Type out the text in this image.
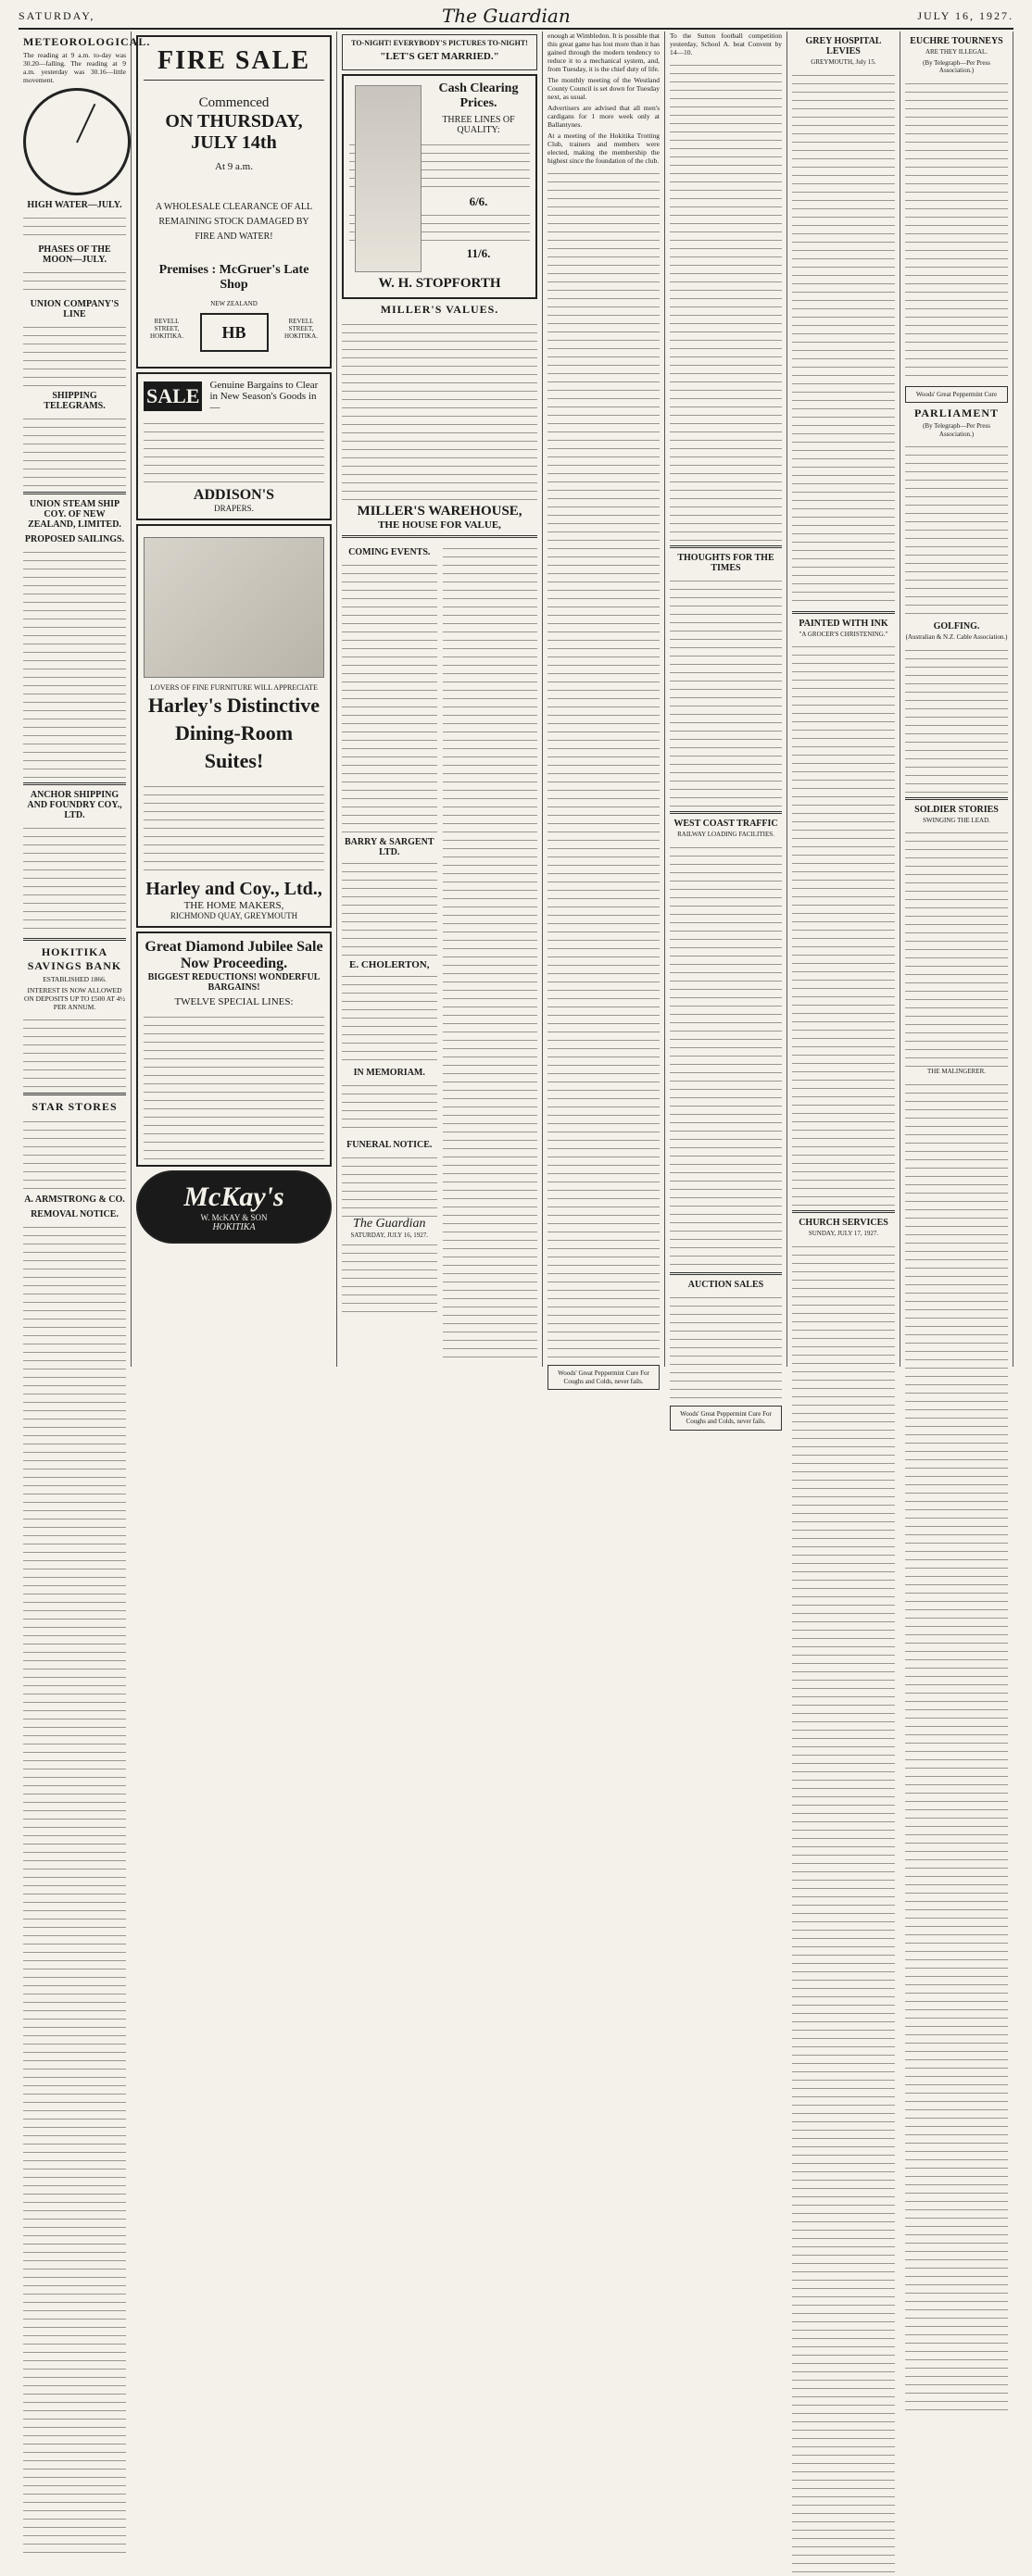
SATURDAY,	The Guardian	JULY 16, 1927.
METEOROLOGICAL.

The reading at 9 a.m. to-day was 30.20—falling. The reading at 9 a.m. yesterday was 30.16—little movement.

HIGH WATER—JULY.
PHASES OF THE MOON—JULY.
UNION COMPANY'S LINE
SHIPPING TELEGRAMS.
UNION STEAM SHIP COY. OF NEW ZEALAND, LIMITED.
PROPOSED SAILINGS.
ANCHOR SHIPPING AND FOUNDRY COY., LTD.
HOKITIKA SAVINGS BANK

ESTABLISHED 1866.

INTEREST IS NOW ALLOWED ON DEPOSITS UP TO £500 AT 4½ PER ANNUM.

STAR STORES
A. ARMSTRONG & CO.
REMOVAL NOTICE.
FIRE SALE
Commenced
ON THURSDAY, JULY 14th
At 9 a.m.
A WHOLESALE CLEARANCE OF ALL REMAINING STOCK DAMAGED BY FIRE AND WATER!
Premises : McGruer's Late Shop
REVELL STREET, HOKITIKA.
NEW ZEALAND
HB
REVELL STREET, HOKITIKA.
SALE Genuine Bargains to Clear in New Season's Goods in—
ADDISON'S
DRAPERS.
LOVERS OF FINE FURNITURE WILL APPRECIATE
Harley's Distinctive Dining-Room Suites!
Harley and Coy., Ltd.,
THE HOME MAKERS,
RICHMOND QUAY, GREYMOUTH
Great Diamond Jubilee Sale Now Proceeding.
BIGGEST REDUCTIONS! WONDERFUL BARGAINS!
TWELVE SPECIAL LINES:
McKay's
W. McKAY & SON
HOKITIKA
TO-NIGHT! EVERYBODY'S PICTURES TO-NIGHT!
"LET'S GET MARRIED."
Cash Clearing Prices.
THREE LINES OF QUALITY:
6/6.
11/6.
W. H. STOPFORTH
MILLER'S VALUES.
MILLER'S WAREHOUSE,
THE HOUSE FOR VALUE,
COMING EVENTS.
BARRY & SARGENT LTD.
E. CHOLERTON,
IN MEMORIAM.
FUNERAL NOTICE.
The Guardian
SATURDAY, JULY 16, 1927.

enough at Wimbledon. It is possible that this great game has lost more than it has gained through the modern tendency to reduce it to a mechanical system, and, from Tuesday, it is the chief duty of life.

The monthly meeting of the Westland County Council is set down for Tuesday next, as usual.

Advertisers are advised that all men's cardigans for 1 more week only at Ballantynes.

At a meeting of the Hokitika Trotting Club, trainers and members were elected, making the membership the highest since the foundation of the club.

Woods' Great Peppermint Cure For Coughs and Colds, never fails.

To the Sutton football competition yesterday, School A. beat Convent by 14—10.

THOUGHTS FOR THE TIMES
WEST COAST TRAFFIC

RAILWAY LOADING FACILITIES.

AUCTION SALES
Woods' Great Peppermint Cure For Coughs and Colds, never fails.
GREY HOSPITAL LEVIES

GREYMOUTH, July 15.

PAINTED WITH INK

"A GROCER'S CHRISTENING."

CHURCH SERVICES

SUNDAY, JULY 17, 1927.

EUCHRE TOURNEYS

ARE THEY ILLEGAL.

(By Telegraph—Per Press Association.)

Woods' Great Peppermint Cure
PARLIAMENT

(By Telegraph—Per Press Association.)

GOLFING.

(Australian & N.Z. Cable Association.)

SOLDIER STORIES

SWINGING THE LEAD.

THE MALINGERER.
